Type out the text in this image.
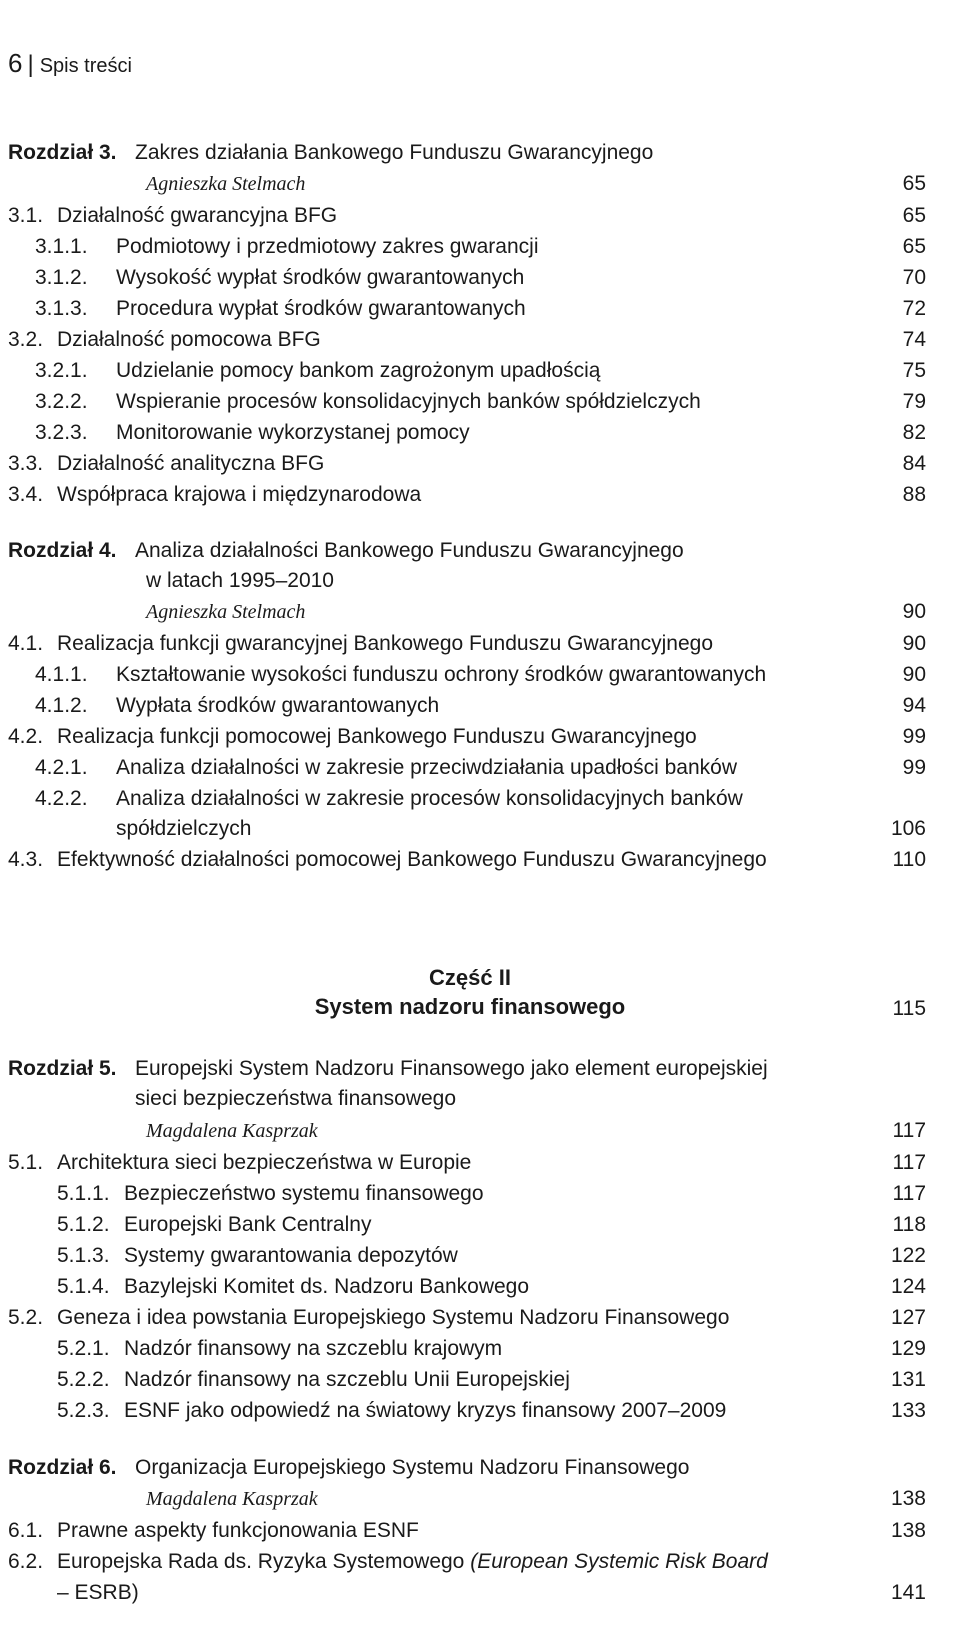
6 | Spis treści
Rozdział 3. Zakres działania Bankowego Funduszu Gwarancyjnego
Agnieszka Stelmach	65
3.1. Działalność gwarancyjna BFG	65
3.1.1. Podmiotowy i przedmiotowy zakres gwarancji	65
3.1.2. Wysokość wypłat środków gwarantowanych	70
3.1.3. Procedura wypłat środków gwarantowanych	72
3.2. Działalność pomocowa BFG	74
3.2.1. Udzielanie pomocy bankom zagrożonym upadłością	75
3.2.2. Wspieranie procesów konsolidacyjnych banków spółdzielczych	79
3.2.3. Monitorowanie wykorzystanej pomocy	82
3.3. Działalność analityczna BFG	84
3.4. Współpraca krajowa i międzynarodowa	88
Rozdział 4. Analiza działalności Bankowego Funduszu Gwarancyjnego
w latach 1995–2010
Agnieszka Stelmach	90
4.1. Realizacja funkcji gwarancyjnej Bankowego Funduszu Gwarancyjnego	90
4.1.1. Kształtowanie wysokości funduszu ochrony środków gwarantowanych	90
4.1.2. Wypłata środków gwarantowanych	94
4.2. Realizacja funkcji pomocowej Bankowego Funduszu Gwarancyjnego	99
4.2.1. Analiza działalności w zakresie przeciwdziałania upadłości banków	99
4.2.2. Analiza działalności w zakresie procesów konsolidacyjnych banków
spółdzielczych	106
4.3. Efektywność działalności pomocowej Bankowego Funduszu Gwarancyjnego	110
Część II
System nadzoru finansowego	115
Rozdział 5. Europejski System Nadzoru Finansowego jako element europejskiej
sieci bezpieczeństwa finansowego
Magdalena Kasprzak	117
5.1. Architektura sieci bezpieczeństwa w Europie	117
5.1.1. Bezpieczeństwo systemu finansowego	117
5.1.2. Europejski Bank Centralny	118
5.1.3. Systemy gwarantowania depozytów	122
5.1.4. Bazylejski Komitet ds. Nadzoru Bankowego	124
5.2. Geneza i idea powstania Europejskiego Systemu Nadzoru Finansowego	127
5.2.1. Nadzór finansowy na szczeblu krajowym	129
5.2.2. Nadzór finansowy na szczeblu Unii Europejskiej	131
5.2.3. ESNF jako odpowiedź na światowy kryzys finansowy 2007–2009	133
Rozdział 6. Organizacja Europejskiego Systemu Nadzoru Finansowego
Magdalena Kasprzak	138
6.1. Prawne aspekty funkcjonowania ESNF	138
6.2. Europejska Rada ds. Ryzyka Systemowego (European Systemic Risk Board
– ESRB)	141
